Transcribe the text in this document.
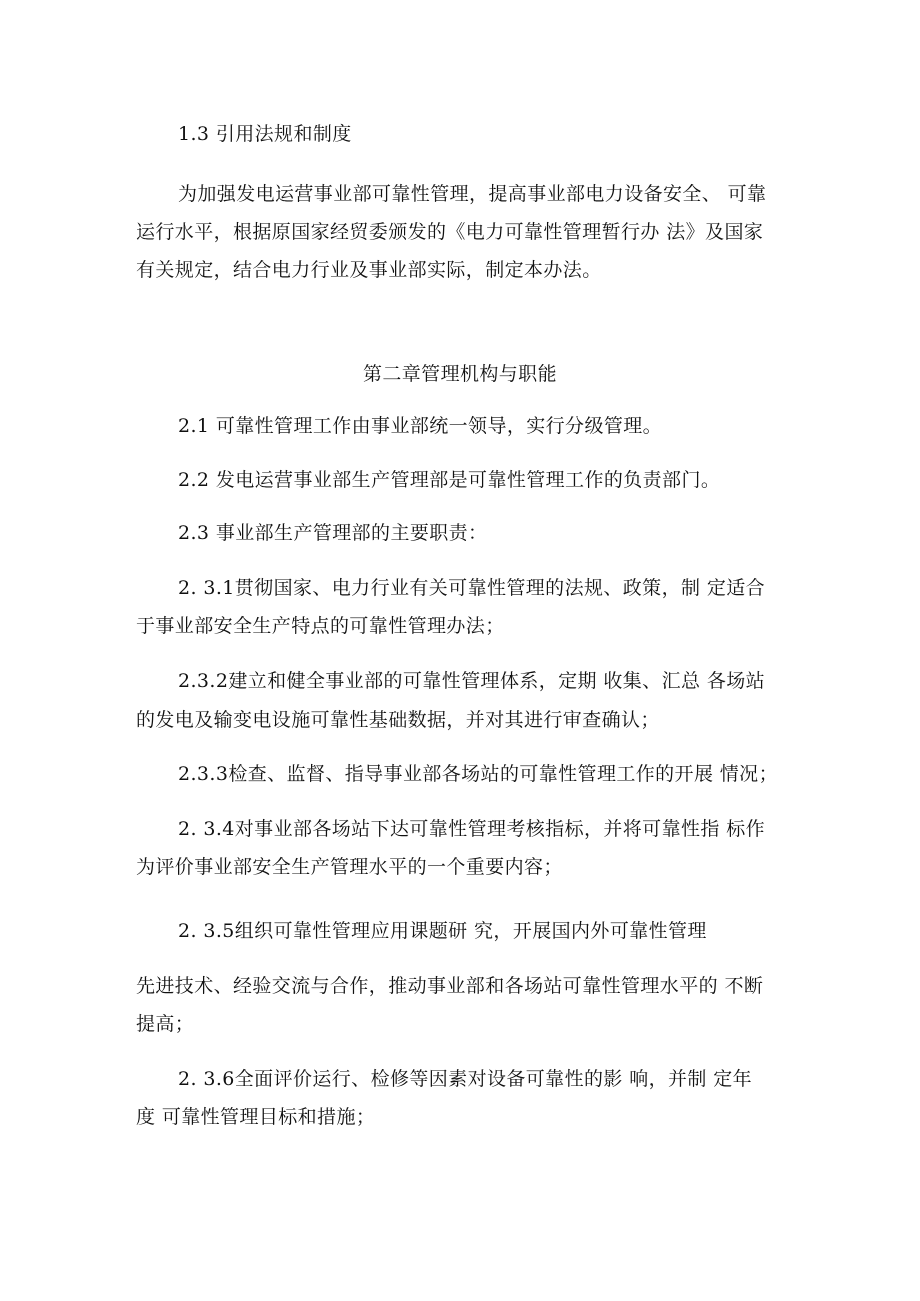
1.3 引用法规和制度
为加强发电运营事业部可靠性管理，提高事业部电力设备安全、 可靠
运行水平，根据原国家经贸委颁发的《电力可靠性管理暂行办 法》及国家
有关规定，结合电力行业及事业部实际，制定本办法。
第二章管理机构与职能
2.1 可靠性管理工作由事业部统一领导，实行分级管理。
2.2 发电运营事业部生产管理部是可靠性管理工作的负责部门。
2.3 事业部生产管理部的主要职责：
2. 3.1贯彻国家、电力行业有关可靠性管理的法规、政策，制 定适合
于事业部安全生产特点的可靠性管理办法；
2.3.2建立和健全事业部的可靠性管理体系，定期 收集、汇总 各场站
的发电及输变电设施可靠性基础数据，并对其进行审查确认；
2.3.3检查、监督、指导事业部各场站的可靠性管理工作的开展 情况；
2. 3.4对事业部各场站下达可靠性管理考核指标，并将可靠性指 标作
为评价事业部安全生产管理水平的一个重要内容；
2. 3.5组织可靠性管理应用课题研 究，开展国内外可靠性管理
先进技术、经验交流与合作，推动事业部和各场站可靠性管理水平的 不断
提高；
2. 3.6全面评价运行、检修等因素对设备可靠性的影 响，并制 定年
度 可靠性管理目标和措施；
